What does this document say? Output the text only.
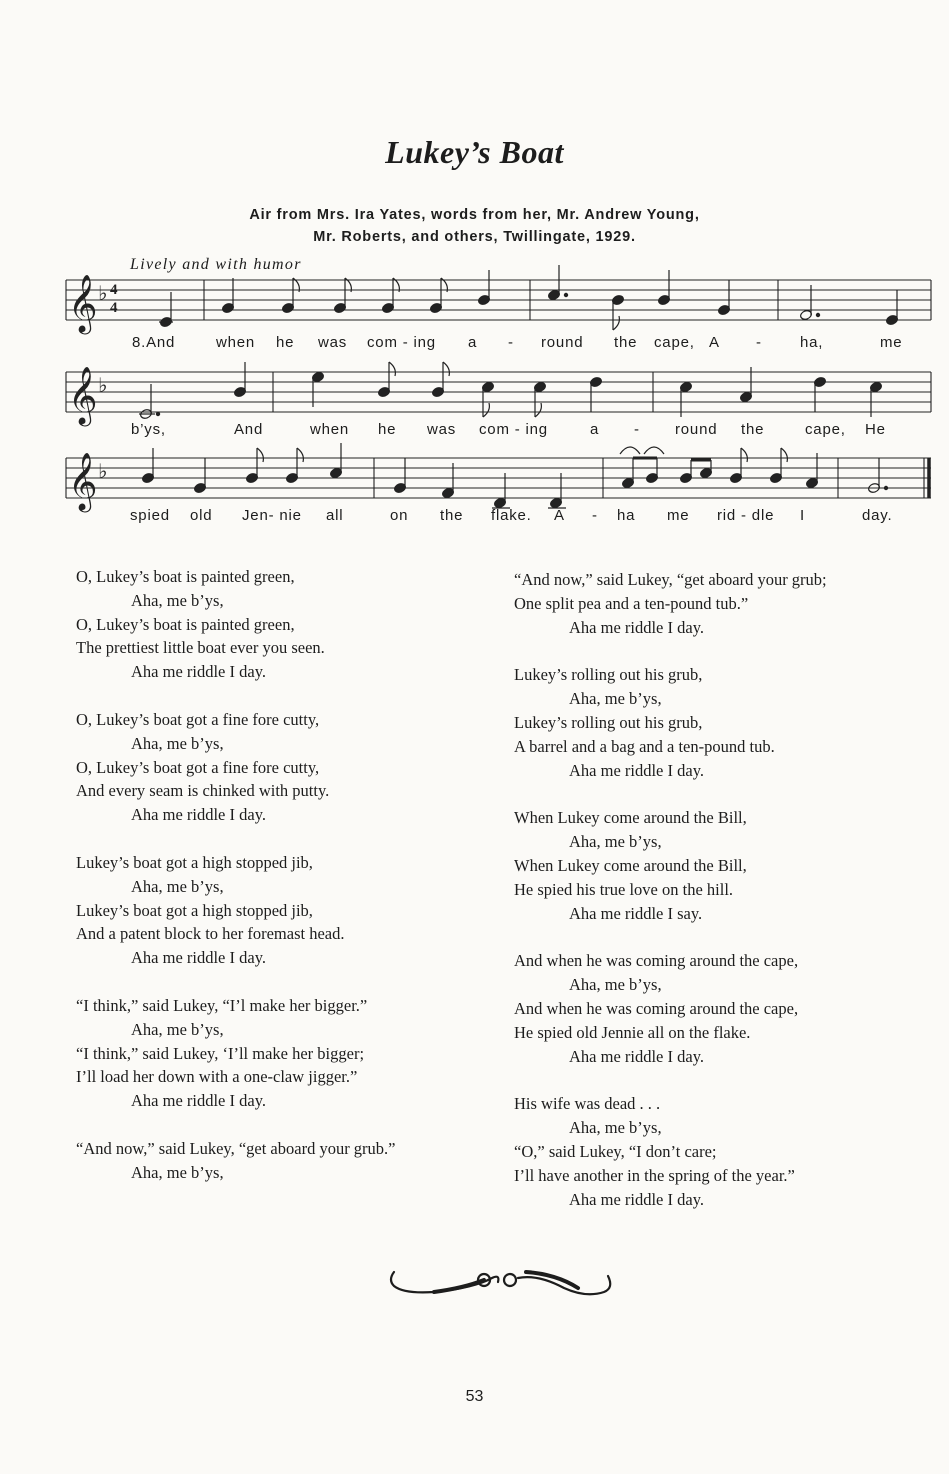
Lukey’s Boat
Air from Mrs. Ira Yates, words from her, Mr. Andrew Young,
Mr. Roberts, and others, Twillingate, 1929.
Lively and with humor
𝄞
𝄞
𝄞
♭
♭
♭
4
4
8.And	when he was com - ing a - round the cape, A -	ha,	me
b’ys,	And	when he was com - ing	a - round the	cape, He
spied old Jen- nie all	on the flake. A - ha me rid - dle I	day.
O, Lukey’s boat is painted green,
Aha, me b’ys,
O, Lukey’s boat is painted green,
The prettiest little boat ever you seen.
Aha me riddle I day.
O, Lukey’s boat got a fine fore cutty,
Aha, me b’ys,
O, Lukey’s boat got a fine fore cutty,
And every seam is chinked with putty.
Aha me riddle I day.
Lukey’s boat got a high stopped jib,
Aha, me b’ys,
Lukey’s boat got a high stopped jib,
And a patent block to her foremast head.
Aha me riddle I day.
“I think,” said Lukey, “I’l make her bigger.”
Aha, me b’ys,
“I think,” said Lukey, ‘I’ll make her bigger;
I’ll load her down with a one-claw jigger.”
Aha me riddle I day.
“And now,” said Lukey, “get aboard your grub.”
Aha, me b’ys,
“And now,” said Lukey, “get aboard your grub;
One split pea and a ten-pound tub.”
Aha me riddle I day.
Lukey’s rolling out his grub,
Aha, me b’ys,
Lukey’s rolling out his grub,
A barrel and a bag and a ten-pound tub.
Aha me riddle I day.
When Lukey come around the Bill,
Aha, me b’ys,
When Lukey come around the Bill,
He spied his true love on the hill.
Aha me riddle I say.
And when he was coming around the cape,
Aha, me b’ys,
And when he was coming around the cape,
He spied old Jennie all on the flake.
Aha me riddle I day.
His wife was dead . . .
Aha, me b’ys,
“O,” said Lukey, “I don’t care;
I’ll have another in the spring of the year.”
Aha me riddle I day.
53
